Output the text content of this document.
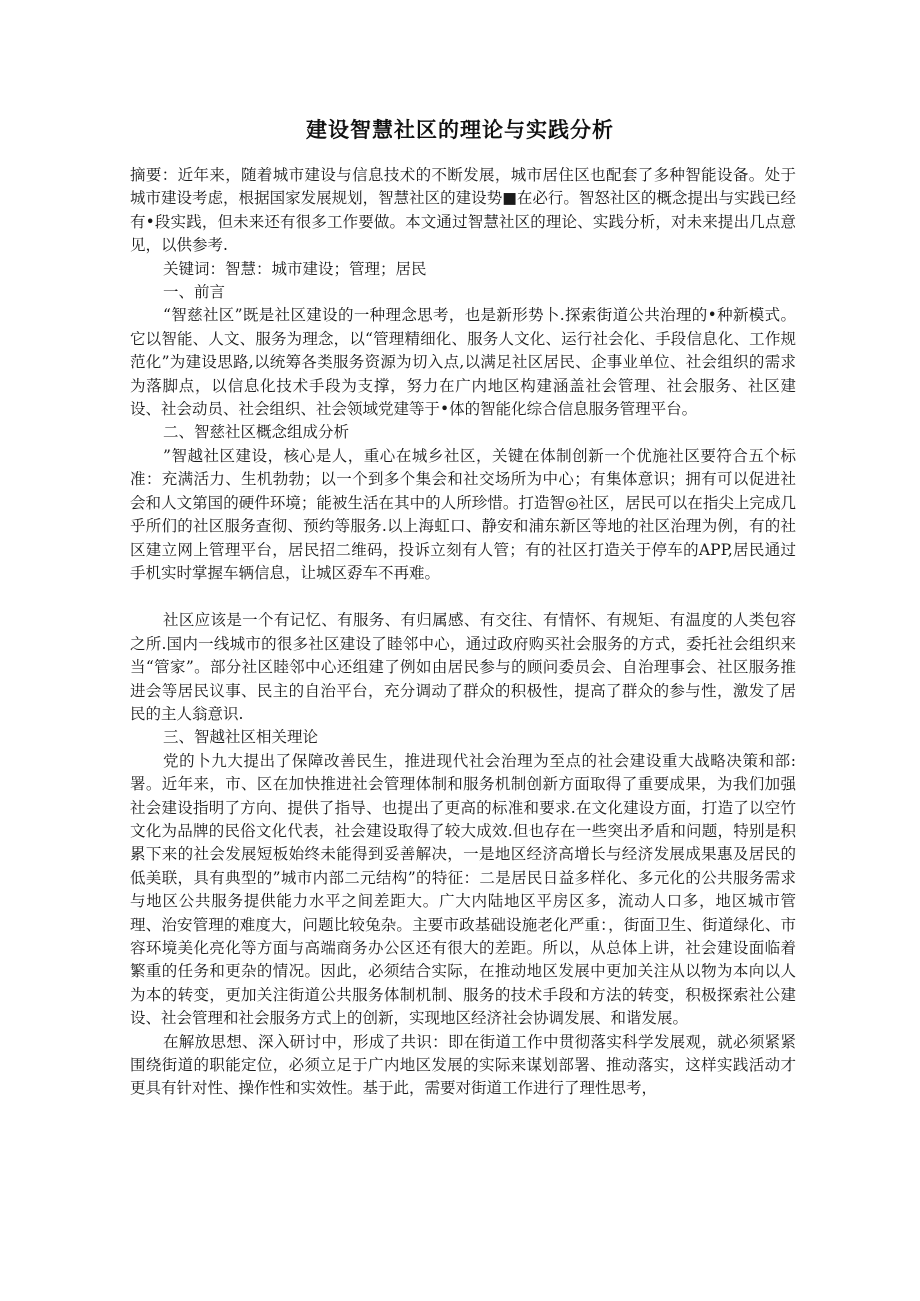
建设智慧社区的理论与实践分析

摘要：近年来，随着城市建设与信息技术的不断发展，城市居住区也配套了多种智能设备。处于城市建设考虑，根据国家发展规划，智慧社区的建设势■在必行。智怒社区的概念提出与实践已经有•段实践，但未来还有很多工作要做。本文通过智慧社区的理论、实践分析，对未来提出几点意见，以供参考.

关键词：智慧：城市建设；管理；居民

一、前言

“智慈社区”既是社区建设的一种理念思考，也是新形势卜.探索街道公共治理的•种新模式。它以智能、人文、服务为理念，以“管理精细化、服务人文化、运行社会化、手段信息化、工作规范化”为建设思路,以统筹各类服务资源为切入点,以满足社区居民、企事业单位、社会组织的需求为落脚点，以信息化技术手段为支撑，努力在广内地区构建涵盖社会管理、社会服务、社区建设、社会动员、社会组织、社会领域党建等于•体的智能化综合信息服务管理平台。

二、智慈社区概念组成分析

”智越社区建设，核心是人，重心在城乡社区，关键在体制创新一个优施社区要符合五个标准：充满活力、生机勃勃；以一个到多个集会和社交场所为中心；有集体意识；拥有可以促进社会和人文第国的硬件环境；能被生活在其中的人所珍惜。打造智◎社区，居民可以在指尖上完成几乎所们的社区服务查彻、预约等服务.以上海虹口、静安和浦东新区等地的社区治理为例，有的社区建立网上管理平台，居民招二维码，投诉立刻有人管；有的社区打造关于停车的APP,居民通过手机实时掌握车辆信息，让城区孬车不再难。

社区应该是一个有记忆、有服务、有归属感、有交往、有情怀、有规矩、有温度的人类包容之所.国内一线城市的很多社区建设了睦邻中心，通过政府购买社会服务的方式，委托社会组织来当“管家”。部分社区睦邻中心还组建了例如由居民参与的顾问委员会、自治理事会、社区服务推进会等居民议事、民主的自治平台，充分调动了群众的积极性，提高了群众的参与性，激发了居民的主人翁意识.

三、智越社区相关理论

党的卜九大提出了保障改善民生，推进现代社会治理为至点的社会建设重大战略决策和部:署。近年来，市、区在加快推进社会管理体制和服务机制创新方面取得了重要成果，为我们加强社会建设指明了方向、提供了指导、也提出了更高的标准和要求.在文化建设方面，打造了以空竹文化为品牌的民俗文化代表，社会建设取得了较大成效.但也存在一些突出矛盾和问题，特别是积累下来的社会发展短板始终未能得到妥善解决，一是地区经济高增长与经济发展成果惠及居民的低美联，具有典型的”城市内部二元结构”的特征：二是居民日益多样化、多元化的公共服务需求与地区公共服务提供能力水平之间差距大。广大内陆地区平房区多，流动人口多，地区城市管理、治安管理的难度大，问题比较兔杂。主要市政基础设施老化严重：，街面卫生、街道绿化、市容环境美化亮化等方面与高端商务办公区还有很大的差距。所以，从总体上讲，社会建设面临着繁重的任务和更杂的情况。因此，必须结合实际，在推动地区发展中更加关注从以物为本向以人为本的转变，更加关注街道公共服务体制机制、服务的技术手段和方法的转变，积极探索社公建设、社会管理和社会服务方式上的创新，实现地区经济社会协调发展、和谐发展。

在解放思想、深入研讨中，形成了共识：即在街道工作中贯彻落实科学发展观，就必须紧紧围绕街道的职能定位，必须立足于广内地区发展的实际来谋划部署、推动落实，这样实践活动才更具有针对性、操作性和实效性。基于此，需要对街道工作进行了理性思考，
